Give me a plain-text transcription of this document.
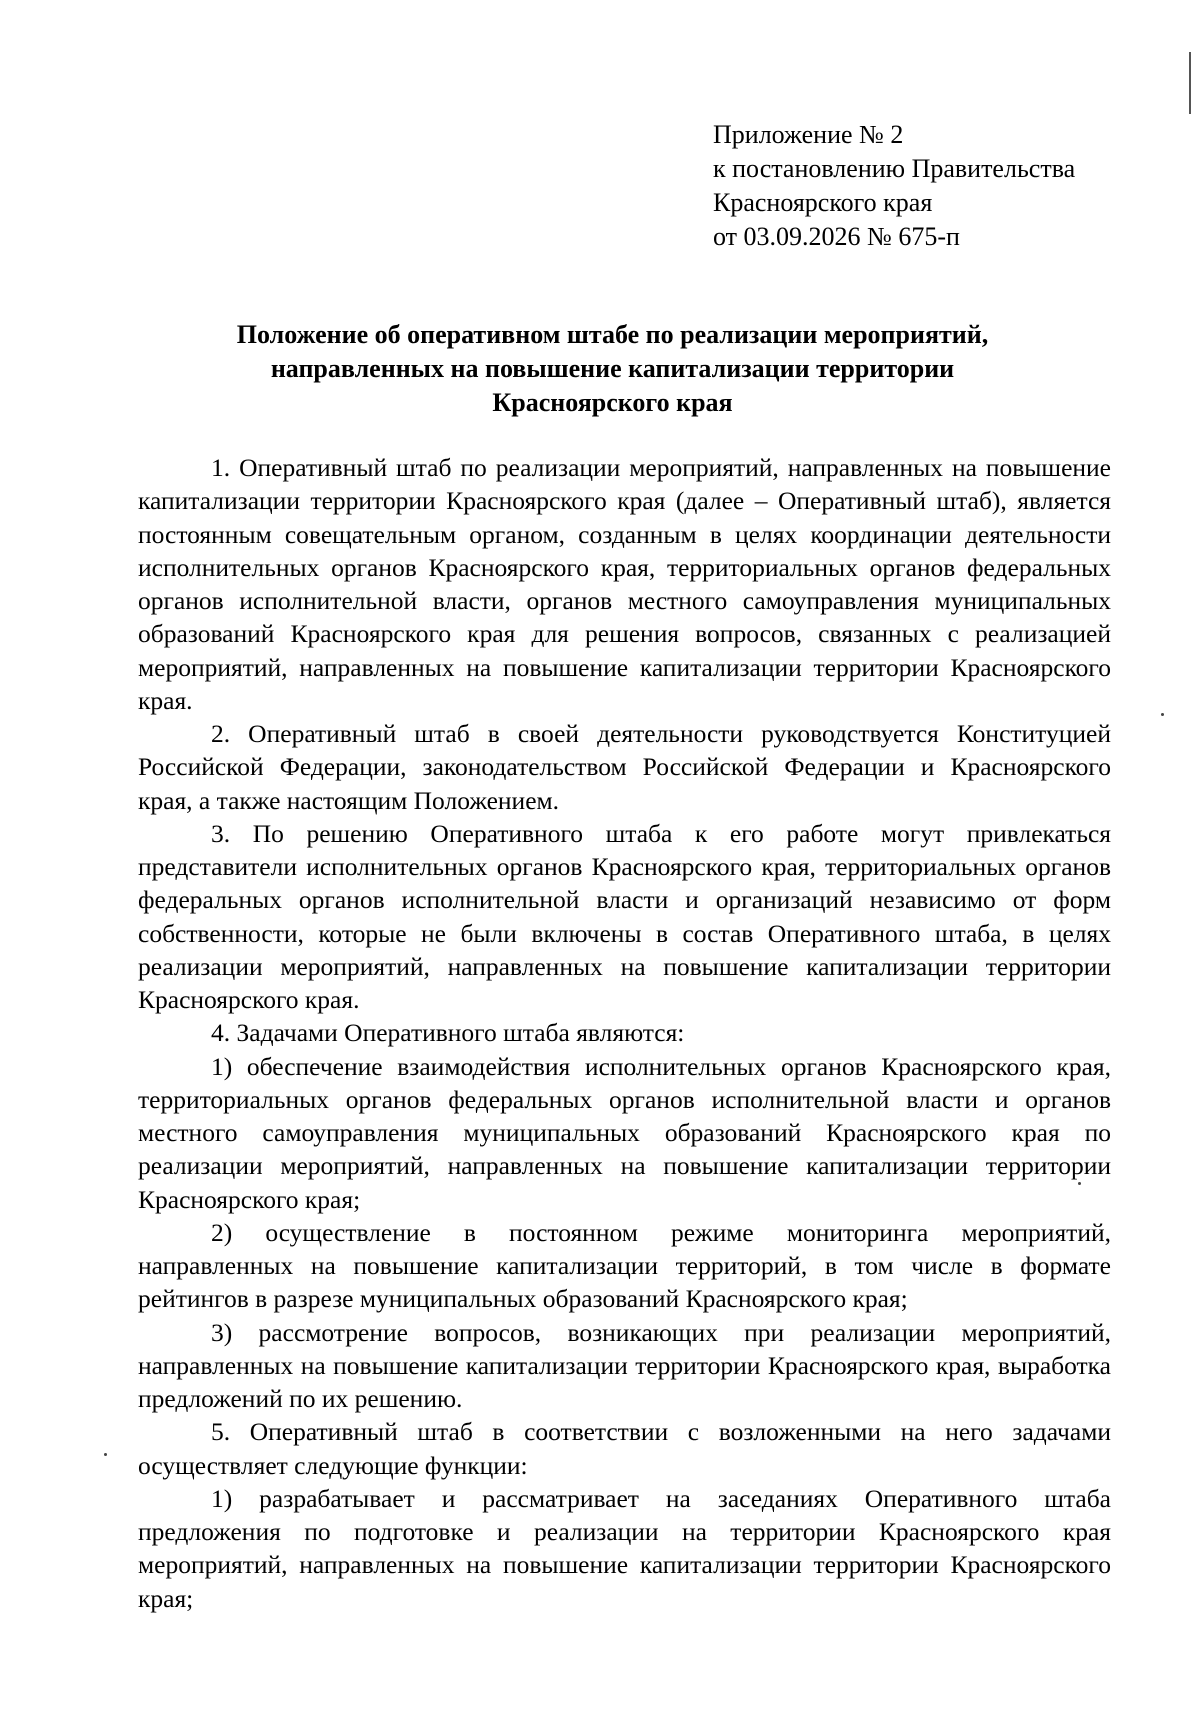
Приложение № 2
к постановлению Правительства
Красноярского края
от 03.09.2026 № 675-п
Положение об оперативном штабе по реализации мероприятий,
направленных на повышение капитализации территории
Красноярского края

1. Оперативный штаб по реализации мероприятий, направленных на повышение капитализации территории Красноярского края (далее – Оперативный штаб), является постоянным совещательным органом, созданным в целях координации деятельности исполнительных органов Красноярского края, территориальных органов федеральных органов исполнительной власти, органов местного самоуправления муниципальных образований Красноярского края для решения вопросов, связанных с реализацией мероприятий, направленных на повышение капитализации территории Красноярского края.

2. Оперативный штаб в своей деятельности руководствуется Конституцией Российской Федерации, законодательством Российской Федерации и Красноярского края, а также настоящим Положением.

3. По решению Оперативного штаба к его работе могут привлекаться представители исполнительных органов Красноярского края, территориальных органов федеральных органов исполнительной власти и организаций независимо от форм собственности, которые не были включены в состав Оперативного штаба, в целях реализации мероприятий, направленных на повышение капитализации территории Красноярского края.

4. Задачами Оперативного штаба являются:

1) обеспечение взаимодействия исполнительных органов Красноярского края, территориальных органов федеральных органов исполнительной власти и органов местного самоуправления муниципальных образований Красноярского края по реализации мероприятий, направленных на повышение капитализации территории Красноярского края;

2) осуществление в постоянном режиме мониторинга мероприятий, направленных на повышение капитализации территорий, в том числе в формате рейтингов в разрезе муниципальных образований Красноярского края;

3) рассмотрение вопросов, возникающих при реализации мероприятий, направленных на повышение капитализации территории Красноярского края, выработка предложений по их решению.

5. Оперативный штаб в соответствии с возложенными на него задачами осуществляет следующие функции:

1) разрабатывает и рассматривает на заседаниях Оперативного штаба предложения по подготовке и реализации на территории Красноярского края мероприятий, направленных на повышение капитализации территории Красноярского края;
